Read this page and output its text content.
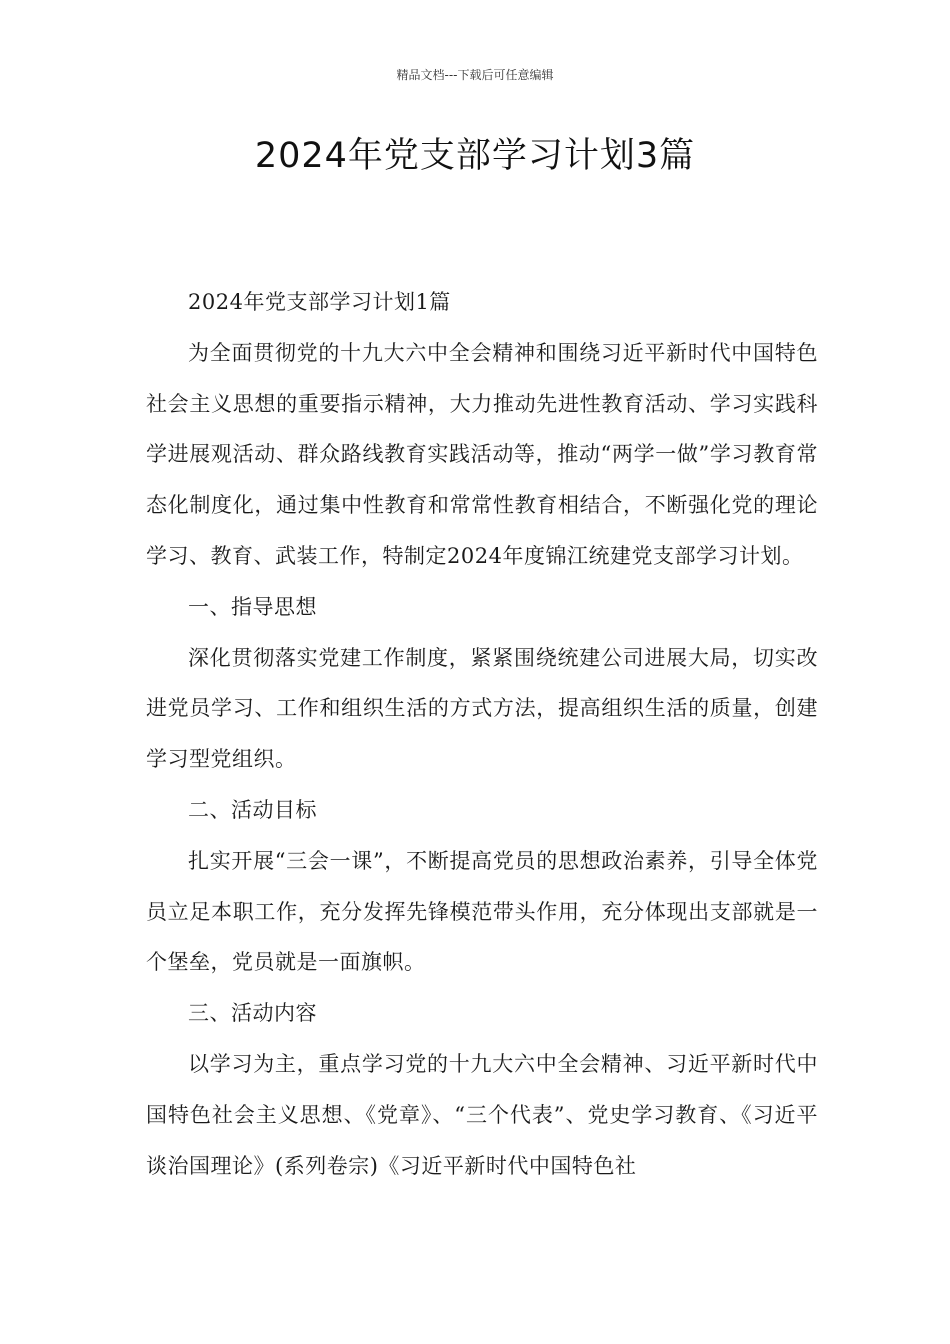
精品文档---下载后可任意编辑
2024年党支部学习计划3篇

2024年党支部学习计划1篇

为全面贯彻党的十九大六中全会精神和围绕习近平新时代中国特色社会主义思想的重要指示精神，大力推动先进性教育活动、学习实践科学进展观活动、群众路线教育实践活动等，推动“两学一做”学习教育常态化制度化，通过集中性教育和常常性教育相结合，不断强化党的理论学习、教育、武装工作，特制定2024年度锦江统建党支部学习计划。

一、指导思想

深化贯彻落实党建工作制度，紧紧围绕统建公司进展大局，切实改进党员学习、工作和组织生活的方式方法，提高组织生活的质量，创建学习型党组织。

二、活动目标

扎实开展“三会一课”，不断提高党员的思想政治素养，引导全体党员立足本职工作，充分发挥先锋模范带头作用，充分体现出支部就是一个堡垒，党员就是一面旗帜。

三、活动内容

以学习为主，重点学习党的十九大六中全会精神、习近平新时代中国特色社会主义思想、《党章》、“三个代表”、党史学习教育、《习近平谈治国理论》(系列卷宗)《习近平新时代中国特色社
